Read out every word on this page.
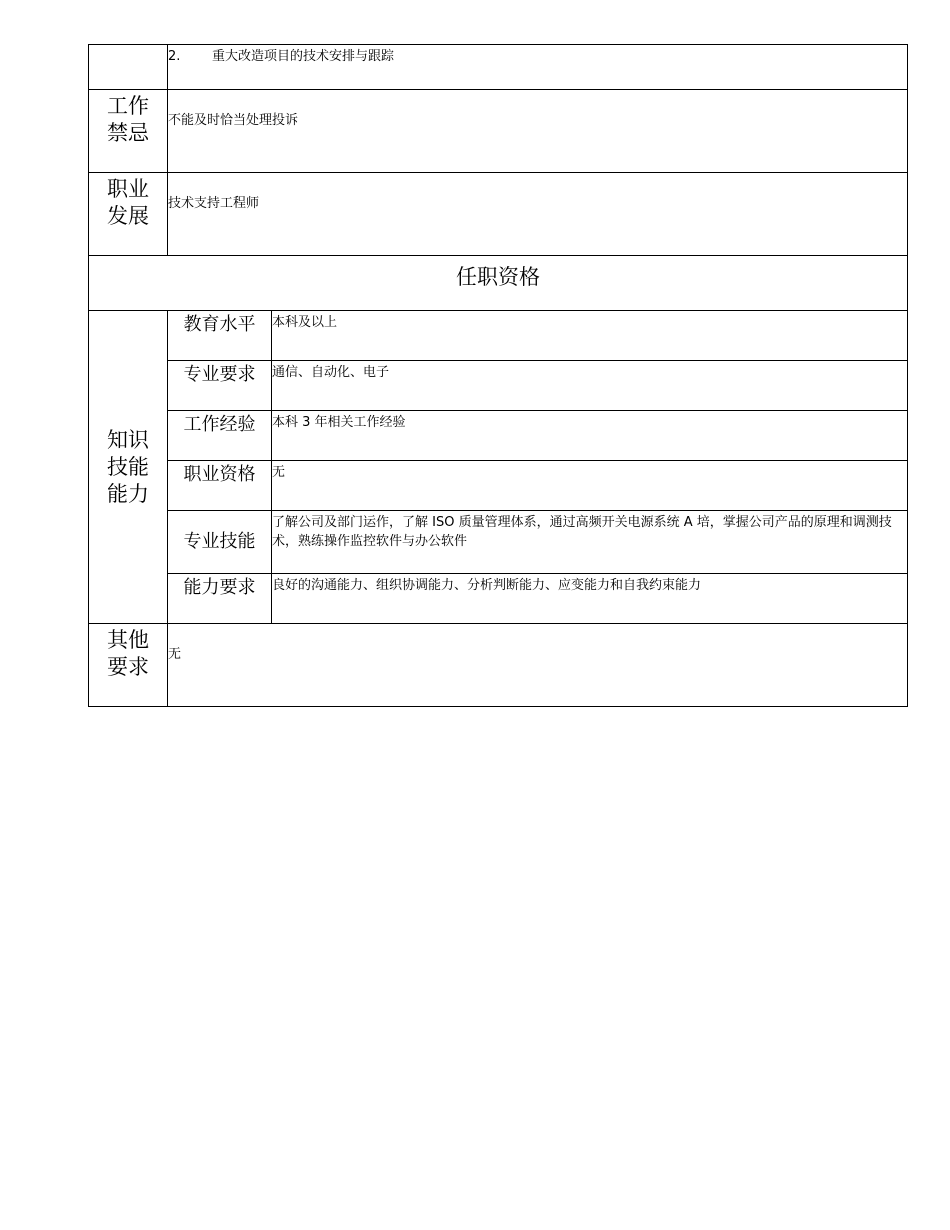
	2. 重大改造项目的技术安排与跟踪	

工作禁忌	不能及时恰当处理投诉	

职业发展	技术支持工程师	
任职资格		

知识技能能力	教育水平	本科及以上
	专业要求	通信、自动化、电子
	工作经验	本科 3 年相关工作经验
	职业资格	无
	专业技能	了解公司及部门运作，了解 ISO 质量管理体系，通过高频开关电源系统 A 培，掌握公司产品的原理和调测技术，熟练操作监控软件与办公软件
	能力要求	良好的沟通能力、组织协调能力、分析判断能力、应变能力和自我约束能力

其他要求	无	
